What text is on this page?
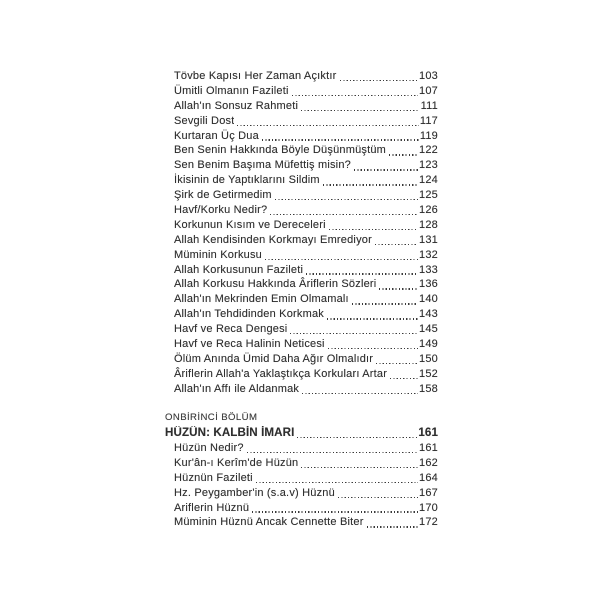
Tövbe Kapısı Her Zaman Açıktır	103
Ümitli Olmanın Fazileti	107
Allah'ın Sonsuz Rahmeti	111
Sevgili Dost	117
Kurtaran Üç Dua	119
Ben Senin Hakkında Böyle Düşünmüştüm	122
Sen Benim Başıma Müfettiş misin?	123
İkisinin de Yaptıklarını Sildim	124
Şirk de Getirmedim	125
Havf/Korku Nedir?	126
Korkunun Kısım ve Dereceleri	128
Allah Kendisinden Korkmayı Emrediyor	131
Müminin Korkusu	132
Allah Korkusunun Fazileti	133
Allah Korkusu Hakkında Âriflerin Sözleri	136
Allah'ın Mekrinden Emin Olmamalı	140
Allah'ın Tehdidinden Korkmak	143
Havf ve Reca Dengesi	145
Havf ve Reca Halinin Neticesi	149
Ölüm Anında Ümid Daha Ağır Olmalıdır	150
Âriflerin Allah'a Yaklaştıkça Korkuları Artar	152
Allah'ın Affı ile Aldanmak	158
ONBİRİNCİ BÖLÜM
HÜZÜN: KALBİN İMARI	161
Hüzün Nedir?	161
Kur'ân-ı Kerîm'de Hüzün	162
Hüznün Fazileti	164
Hz. Peygamber'in (s.a.v) Hüznü	167
Ariflerin Hüznü	170
Müminin Hüznü Ancak Cennette Biter	172
